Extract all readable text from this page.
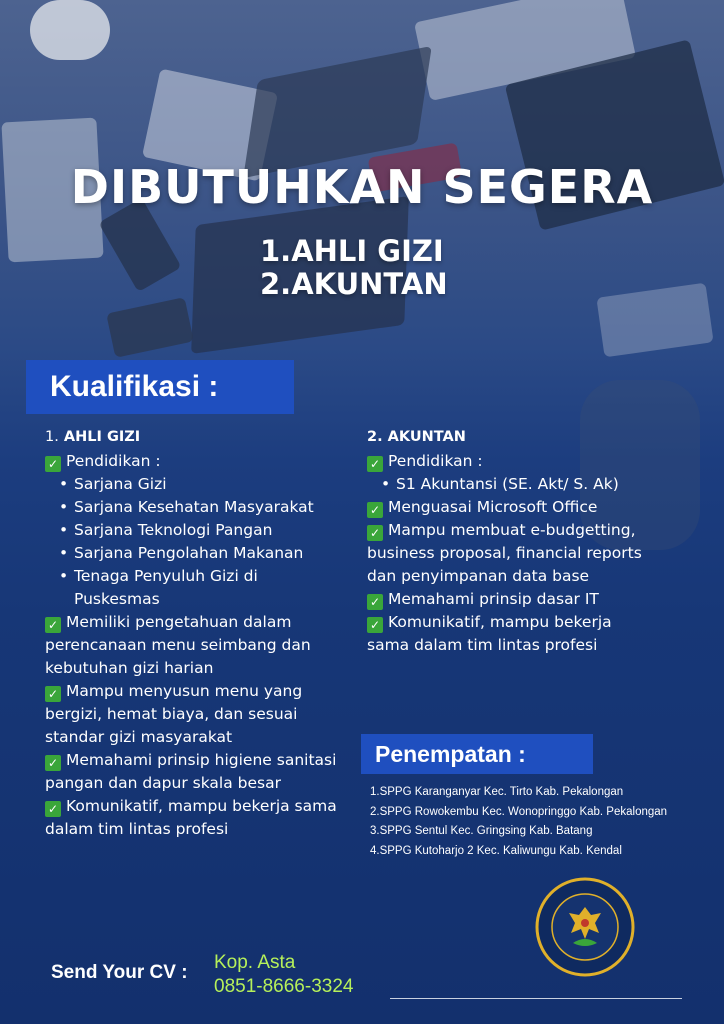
DIBUTUHKAN SEGERA
1.AHLI GIZI
2.AKUNTAN
Kualifikasi :
1. AHLI GIZI
✓ Pendidikan :
• Sarjana Gizi
• Sarjana Kesehatan Masyarakat
• Sarjana Teknologi Pangan
• Sarjana Pengolahan Makanan
• Tenaga Penyuluh Gizi di Puskesmas

✓ Memiliki pengetahuan dalam perencanaan menu seimbang dan kebutuhan gizi harian

✓ Mampu menyusun menu yang bergizi, hemat biaya, dan sesuai standar gizi masyarakat

✓ Memahami prinsip higiene sanitasi pangan dan dapur skala besar

✓ Komunikatif, mampu bekerja sama dalam tim lintas profesi

2. AKUNTAN
✓ Pendidikan :
• S1 Akuntansi (SE. Akt/ S. Ak)

✓ Menguasai Microsoft Office

✓ Mampu membuat e-budgetting, business proposal, financial reports dan penyimpanan data base

✓ Memahami prinsip dasar IT

✓ Komunikatif, mampu bekerja sama dalam tim lintas profesi

Penempatan :
1.SPPG Karanganyar Kec. Tirto Kab. Pekalongan
2.SPPG Rowokembu Kec. Wonopringgo Kab. Pekalongan
3.SPPG Sentul Kec. Gringsing Kab. Batang
4.SPPG Kutoharjo 2 Kec. Kaliwungu Kab. Kendal
Send Your CV : Kop. Asta
0851-8666-3324
